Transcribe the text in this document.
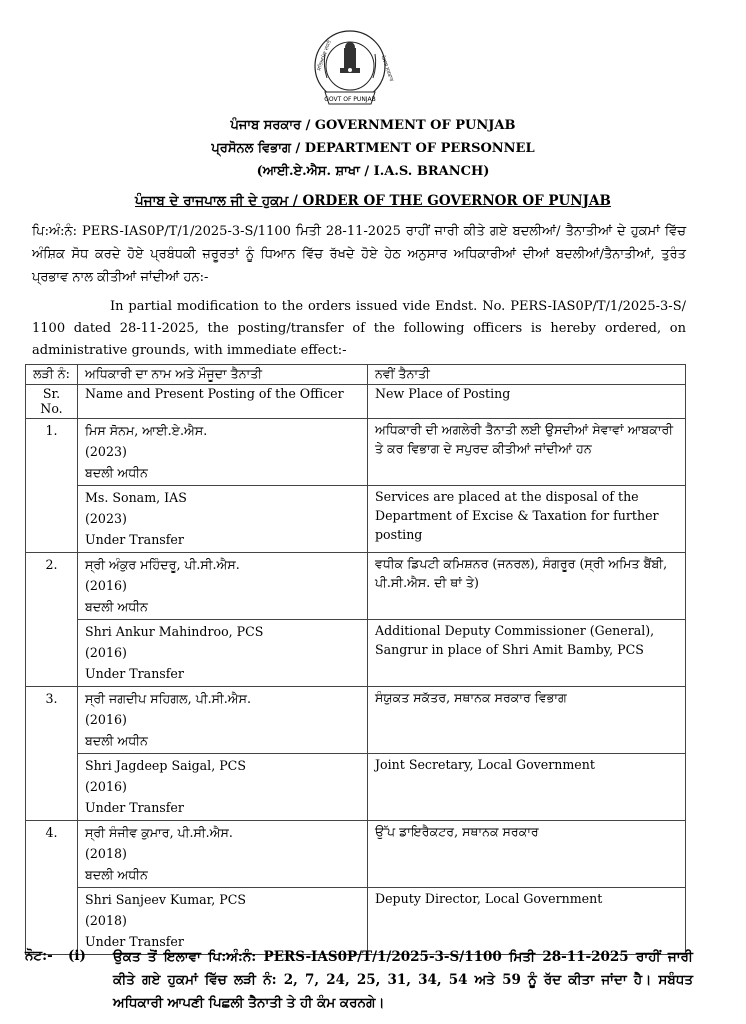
ਸਤਿਆਮੇਵ ਜਯਤੇ	ਪੰਜਾਬ ਸਰਕਾਰ
GOVT OF PUNJAB
ਪੰਜਾਬ ਸਰਕਾਰ / GOVERNMENT OF PUNJAB
ਪ੍ਰਸੋਨਲ ਵਿਭਾਗ / DEPARTMENT OF PERSONNEL
(ਆਈ.ਏ.ਐਸ. ਸ਼ਾਖਾ / I.A.S. BRANCH)
ਪੰਜਾਬ ਦੇ ਰਾਜਪਾਲ ਜੀ ਦੇ ਹੁਕਮ / ORDER OF THE GOVERNOR OF PUNJAB
ਪਿ:ਅੰ:ਨੰ: PERS-IAS0P/T/1/2025-3-S/1100 ਮਿਤੀ 28-11-2025 ਰਾਹੀਂ ਜਾਰੀ ਕੀਤੇ ਗਏ ਬਦਲੀਆਂ/ ਤੈਨਾਤੀਆਂ ਦੇ ਹੁਕਮਾਂ ਵਿੱਚ ਅੰਸ਼ਿਕ ਸੋਧ ਕਰਦੇ ਹੋਏ ਪ੍ਰਬੰਧਕੀ ਜ਼ਰੂਰਤਾਂ ਨੂੰ ਧਿਆਨ ਵਿੱਚ ਰੱਖਦੇ ਹੋਏ ਹੇਠ ਅਨੁਸਾਰ ਅਧਿਕਾਰੀਆਂ ਦੀਆਂ ਬਦਲੀਆਂ/ਤੈਨਾਤੀਆਂ, ਤੁਰੰਤ ਪ੍ਰਭਾਵ ਨਾਲ ਕੀਤੀਆਂ ਜਾਂਦੀਆਂ ਹਨ:-
In partial modification to the orders issued vide Endst. No. PERS-IAS0P/T/1/2025-3-S/ 1100 dated 28-11-2025, the posting/transfer of the following officers is hereby ordered, on administrative grounds, with immediate effect:-
ਲੜੀ ਨੰ:	ਅਧਿਕਾਰੀ ਦਾ ਨਾਮ ਅਤੇ ਮੌਜੂਦਾ ਤੈਨਾਤੀ	ਨਵੀਂ ਤੈਨਾਤੀ
Sr. No.	Name and Present Posting of the Officer	New Place of Posting
1.	ਮਿਸ ਸੋਨਮ, ਆਈ.ਏ.ਐਸ.
(2023)
ਬਦਲੀ ਅਧੀਨ	ਅਧਿਕਾਰੀ ਦੀ ਅਗਲੇਰੀ ਤੈਨਾਤੀ ਲਈ ਉਸਦੀਆਂ ਸੇਵਾਵਾਂ ਆਬਕਾਰੀ ਤੇ ਕਰ ਵਿਭਾਗ ਦੇ ਸਪੁਰਦ ਕੀਤੀਆਂ ਜਾਂਦੀਆਂ ਹਨ

	Ms. Sonam, IAS
(2023)
Under Transfer	Services are placed at the disposal of the Department of Excise & Taxation for further posting
2.	ਸ੍ਰੀ ਅੰਕੁਰ ਮਹਿੰਦਰੂ, ਪੀ.ਸੀ.ਐਸ.
(2016)
ਬਦਲੀ ਅਧੀਨ	ਵਧੀਕ ਡਿਪਟੀ ਕਮਿਸ਼ਨਰ (ਜਨਰਲ), ਸੰਗਰੂਰ (ਸ੍ਰੀ ਅਮਿਤ ਬੈਂਬੀ, ਪੀ.ਸੀ.ਐਸ. ਦੀ ਥਾਂ ਤੇ)

	Shri Ankur Mahindroo, PCS
(2016)
Under Transfer	Additional Deputy Commissioner (General), Sangrur in place of Shri Amit Bamby, PCS
3.	ਸ੍ਰੀ ਜਗਦੀਪ ਸਹਿਗਲ, ਪੀ.ਸੀ.ਐਸ.
(2016)
ਬਦਲੀ ਅਧੀਨ	ਸੰਯੁਕਤ ਸਕੱਤਰ, ਸਥਾਨਕ ਸਰਕਾਰ ਵਿਭਾਗ

	Shri Jagdeep Saigal, PCS
(2016)
Under Transfer	Joint Secretary, Local Government
4.	ਸ੍ਰੀ ਸੰਜੀਵ ਕੁਮਾਰ, ਪੀ.ਸੀ.ਐਸ.
(2018)
ਬਦਲੀ ਅਧੀਨ	ਉੱਪ ਡਾਇਰੈਕਟਰ, ਸਥਾਨਕ ਸਰਕਾਰ

	Shri Sanjeev Kumar, PCS
(2018)
Under Transfer	Deputy Director, Local Government
ਨੋਟ:- (i) ਉਕਤ ਤੋਂ ਇਲਾਵਾ ਪਿ:ਅੰ:ਨੰ: PERS-IAS0P/T/1/2025-3-S/1100 ਮਿਤੀ 28-11-2025 ਰਾਹੀਂ ਜਾਰੀ ਕੀਤੇ ਗਏ ਹੁਕਮਾਂ ਵਿੱਚ ਲੜੀ ਨੰ: 2, 7, 24, 25, 31, 34, 54 ਅਤੇ 59 ਨੂੰ ਰੱਦ ਕੀਤਾ ਜਾਂਦਾ ਹੈ। ਸਬੰਧਤ ਅਧਿਕਾਰੀ ਆਪਣੀ ਪਿਛਲੀ ਤੈਨਾਤੀ ਤੇ ਹੀ ਕੰਮ ਕਰਨਗੇ।
